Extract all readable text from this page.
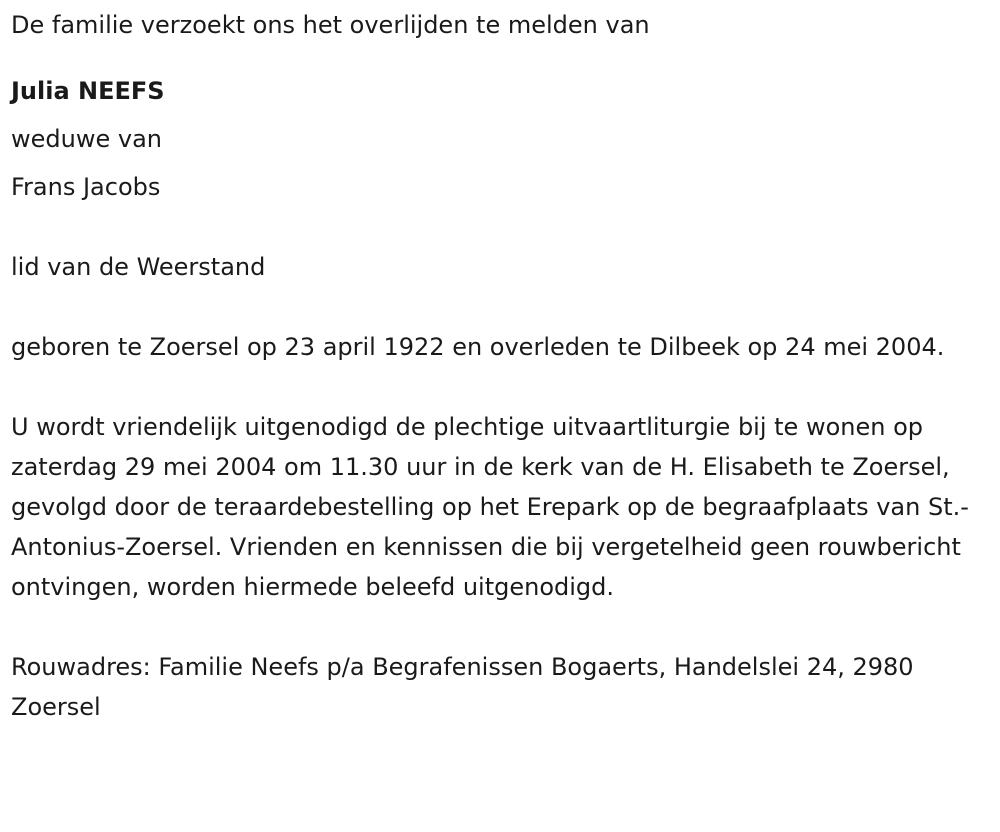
De familie verzoekt ons het overlijden te melden van

Julia NEEFS

weduwe van

Frans Jacobs

lid van de Weerstand

geboren te Zoersel op 23 april 1922 en overleden te Dilbeek op 24 mei 2004.

U wordt vriendelijk uitgenodigd de plechtige uitvaartliturgie bij te wonen op zaterdag 29 mei 2004 om 11.30 uur in de kerk van de H. Elisabeth te Zoersel, gevolgd door de teraardebestelling op het Erepark op de begraafplaats van St.-Antonius-Zoersel. Vrienden en kennissen die bij vergetelheid geen rouwbericht ontvingen, worden hiermede beleefd uitgenodigd.

Rouwadres: Familie Neefs p/a Begrafenissen Bogaerts, Handelslei 24, 2980 Zoersel
